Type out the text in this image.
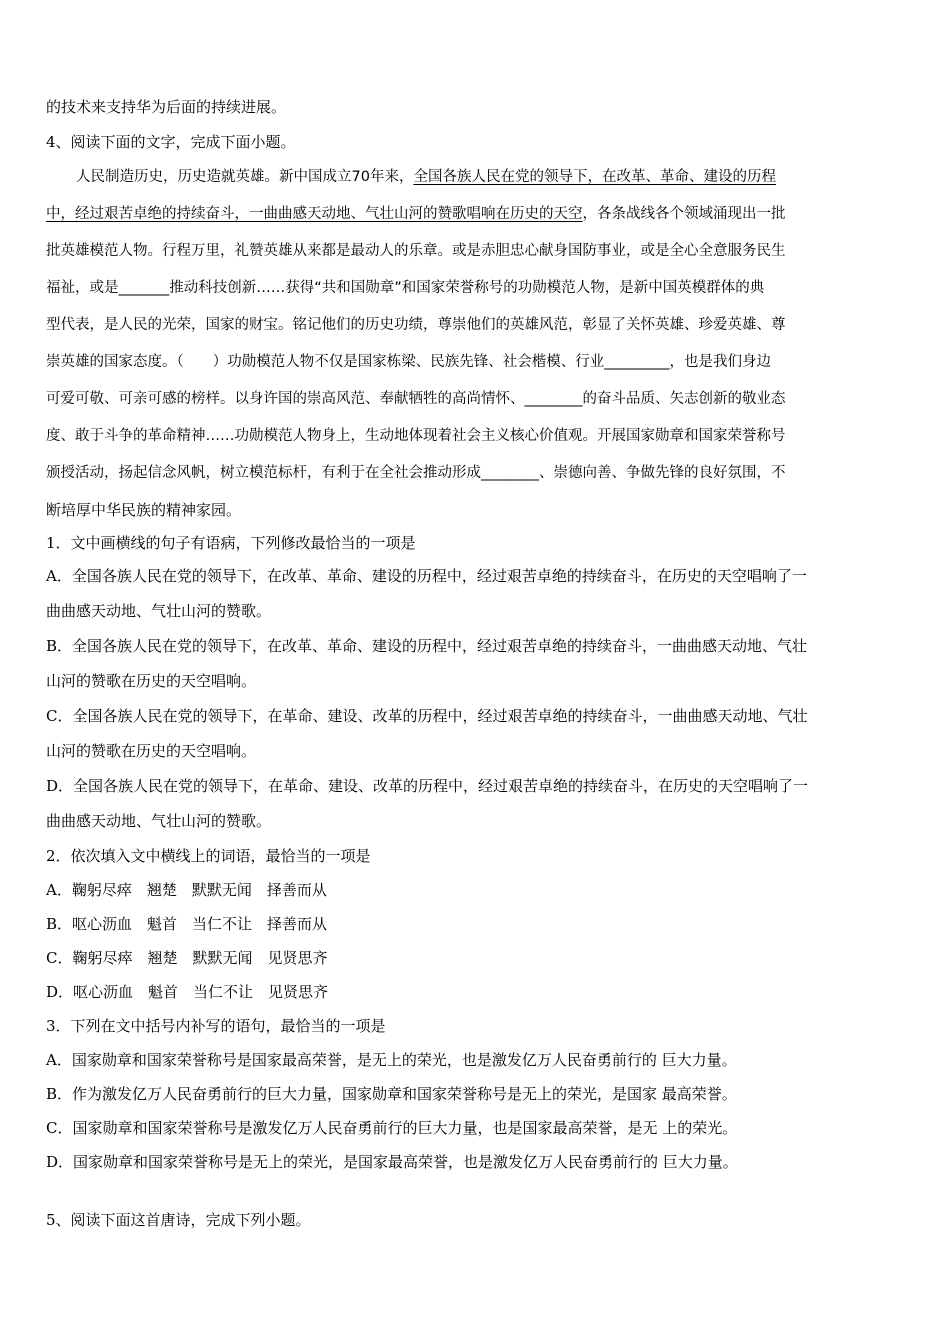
的技术来支持华为后面的持续进展。

4、阅读下面的文字，完成下面小题。

人民制造历史，历史造就英雄。新中国成立70年来，全国各族人民在党的领导下，在改革、革命、建设的历程

中，经过艰苦卓绝的持续奋斗，一曲曲感天动地、气壮山河的赞歌唱响在历史的天空，各条战线各个领域涌现出一批

批英雄模范人物。行程万里，礼赞英雄从来都是最动人的乐章。或是赤胆忠心献身国防事业，或是全心全意服务民生

福祉，或是_______推动科技创新……获得“共和国勋章”和国家荣誉称号的功勋模范人物，是新中国英模群体的典

型代表，是人民的光荣，国家的财宝。铭记他们的历史功绩，尊崇他们的英雄风范，彰显了关怀英雄、珍爱英雄、尊

崇英雄的国家态度。（　　）功勋模范人物不仅是国家栋梁、民族先锋、社会楷模、行业_________，也是我们身边

可爱可敬、可亲可感的榜样。以身许国的崇高风范、奉献牺牲的高尚情怀、________的奋斗品质、矢志创新的敬业态

度、敢于斗争的革命精神……功勋模范人物身上，生动地体现着社会主义核心价值观。开展国家勋章和国家荣誉称号

颁授活动，扬起信念风帆，树立模范标杆，有利于在全社会推动形成________、崇德向善、争做先锋的良好氛围，不

断培厚中华民族的精神家园。

1．文中画横线的句子有语病，下列修改最恰当的一项是

A．全国各族人民在党的领导下，在改革、革命、建设的历程中，经过艰苦卓绝的持续奋斗，在历史的天空唱响了一

曲曲感天动地、气壮山河的赞歌。

B．全国各族人民在党的领导下，在改革、革命、建设的历程中，经过艰苦卓绝的持续奋斗，一曲曲感天动地、气壮

山河的赞歌在历史的天空唱响。

C．全国各族人民在党的领导下，在革命、建设、改革的历程中，经过艰苦卓绝的持续奋斗，一曲曲感天动地、气壮

山河的赞歌在历史的天空唱响。

D．全国各族人民在党的领导下，在革命、建设、改革的历程中，经过艰苦卓绝的持续奋斗，在历史的天空唱响了一

曲曲感天动地、气壮山河的赞歌。

2．依次填入文中横线上的词语，最恰当的一项是

A．鞠躬尽瘁　翘楚　默默无闻　择善而从

B．呕心沥血　魁首　当仁不让　择善而从

C．鞠躬尽瘁　翘楚　默默无闻　见贤思齐

D．呕心沥血　魁首　当仁不让　见贤思齐

3．下列在文中括号内补写的语句，最恰当的一项是

A．国家勋章和国家荣誉称号是国家最高荣誉，是无上的荣光，也是激发亿万人民奋勇前行的 巨大力量。

B．作为激发亿万人民奋勇前行的巨大力量，国家勋章和国家荣誉称号是无上的荣光，是国家 最高荣誉。

C．国家勋章和国家荣誉称号是激发亿万人民奋勇前行的巨大力量，也是国家最高荣誉，是无 上的荣光。

D．国家勋章和国家荣誉称号是无上的荣光，是国家最高荣誉，也是激发亿万人民奋勇前行的 巨大力量。

5、阅读下面这首唐诗，完成下列小题。
